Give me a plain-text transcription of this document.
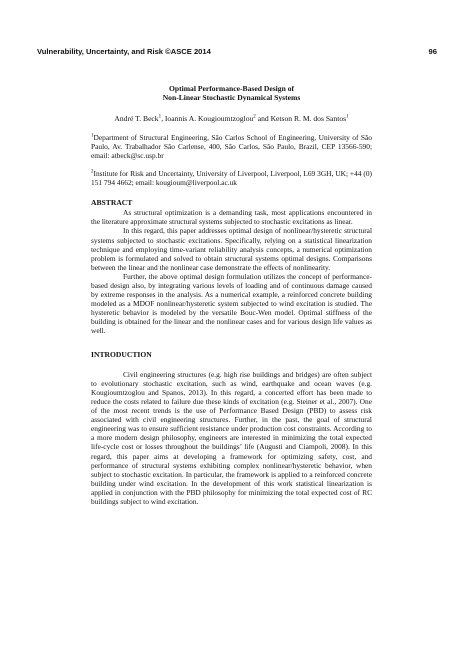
Vulnerability, Uncertainty, and Risk ©ASCE 2014	96
Optimal Performance-Based Design of
Non-Linear Stochastic Dynamical Systems
André T. Beck$^1$, Ioannis A. Kougioumtzoglou$^2$ and Ketson R. M. dos Santos$^1$
$^1$Department of Structural Engineering, São Carlos School of Engineering, University of São Paulo, Av. Trabalhador São Carlense, 400, São Carlos, São Paulo, Brazil, CEP 13566-590; email: atbeck@sc.usp.br
$^2$Institute for Risk and Uncertainty, University of Liverpool, Liverpool, L69 3GH, UK; +44 (0) 151 794 4662; email: kougioum@liverpool.ac.uk
ABSTRACT

As structural optimization is a demanding task, most applications encountered in the literature approximate structural systems subjected to stochastic excitations as linear.

In this regard, this paper addresses optimal design of nonlinear/hysteretic structural systems subjected to stochastic excitations. Specifically, relying on a statistical linearization technique and employing time-variant reliability analysis concepts, a numerical optimization problem is formulated and solved to obtain structural systems optimal designs. Comparisons between the linear and the nonlinear case demonstrate the effects of nonlinearity.

Further, the above optimal design formulation utilizes the concept of performance-based design also, by integrating various levels of loading and of continuous damage caused by extreme responses in the analysis. As a numerical example, a reinforced concrete building modeled as a MDOF nonlinear/hysteretic system subjected to wind excitation is studied. The hysteretic behavior is modeled by the versatile Bouc-Wen model. Optimal stiffness of the building is obtained for the linear and the nonlinear cases and for various design life values as well.

INTRODUCTION

Civil engineering structures (e.g. high rise buildings and bridges) are often subject to evolutionary stochastic excitation, such as wind, earthquake and ocean waves (e.g. Kougioumtzoglou and Spanos, 2013). In this regard, a concerted effort has been made to reduce the costs related to failure due these kinds of excitation (e.g. Steiner et al., 2007). One of the most recent trends is the use of Performance Based Design (PBD) to assess risk associated with civil engineering structures. Further, in the past, the goal of structural engineering was to ensure sufficient resistance under production cost constraints. According to a more modern design philosophy, engineers are interested in minimizing the total expected life-cycle cost or losses throughout the buildings’ life (Augusti and Ciampoli, 2008). In this regard, this paper aims at developing a framework for optimizing safety, cost, and performance of structural systems exhibiting complex nonlinear/hysteretic behavior, when subject to stochastic excitation. In particular, the framework is applied to a reinforced concrete building under wind excitation. In the development of this work statistical linearization is applied in conjunction with the PBD philosophy for minimizing the total expected cost of RC buildings subject to wind excitation.
